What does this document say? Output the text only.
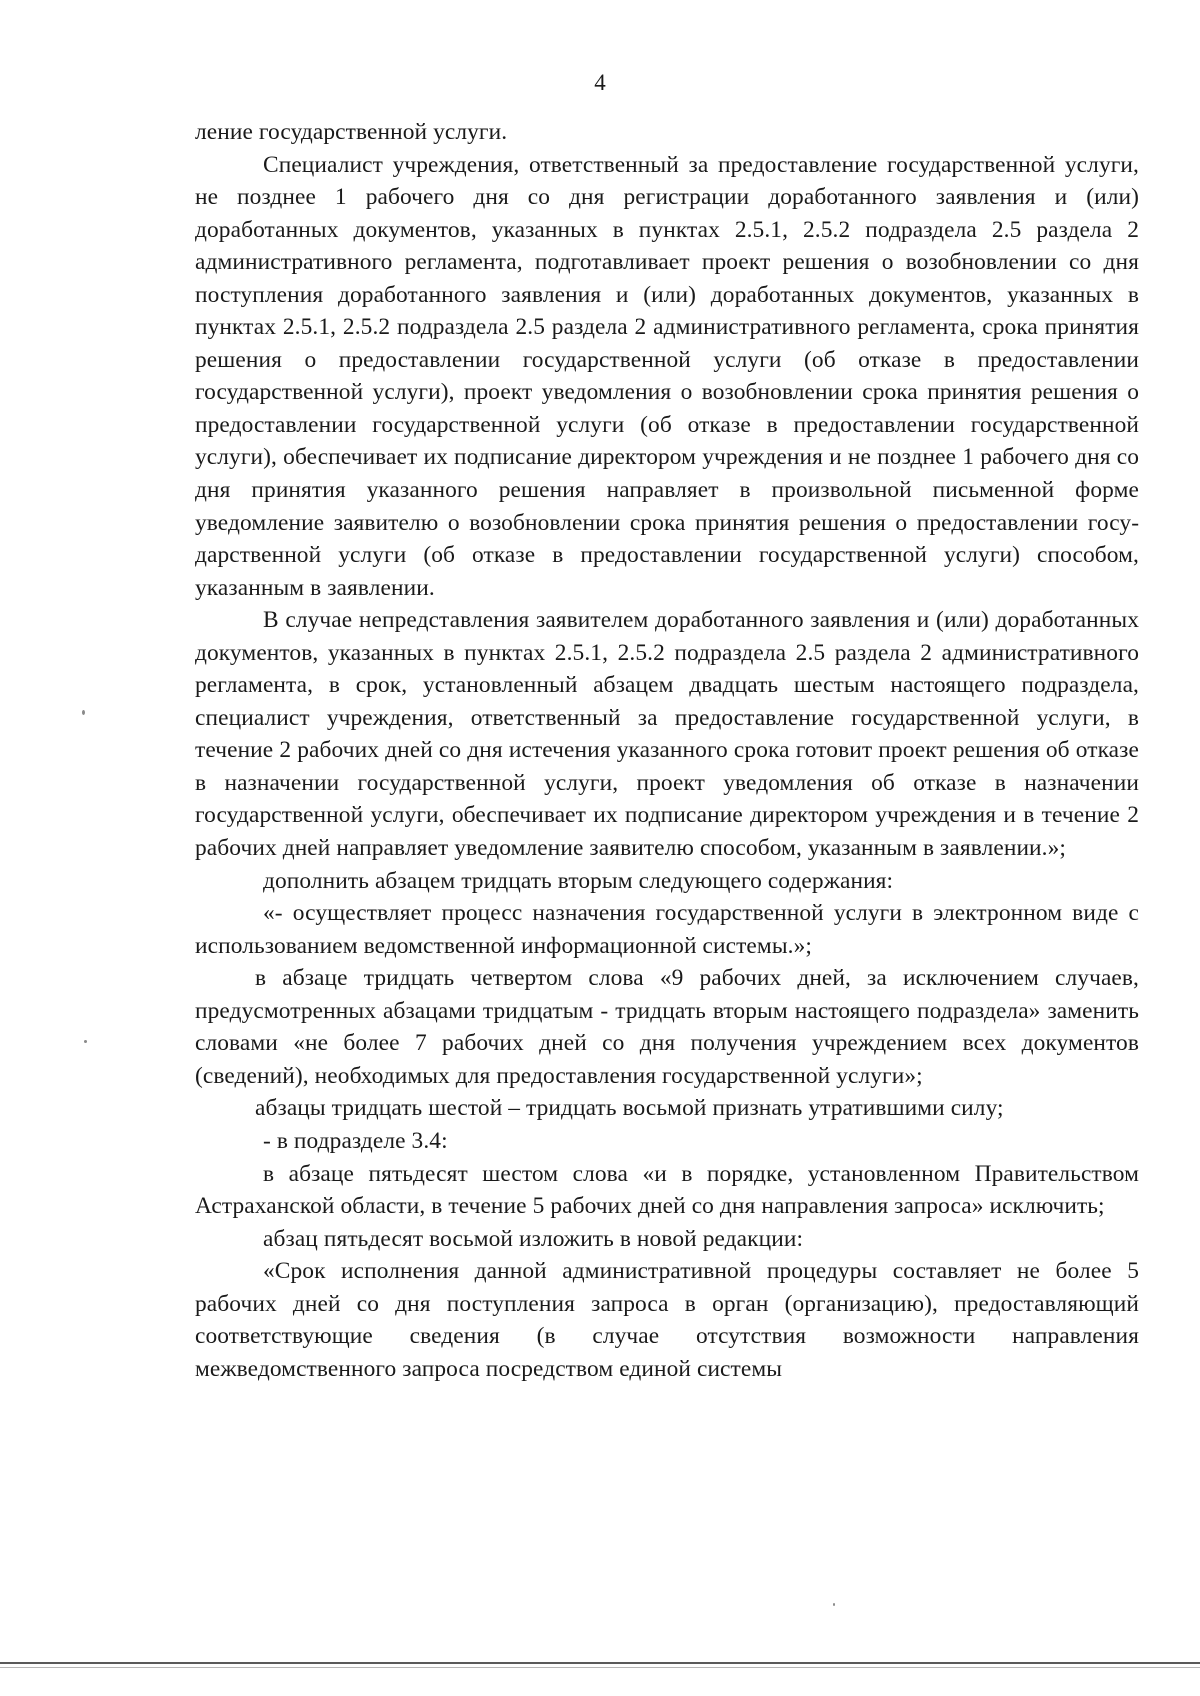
4

ление государственной услуги.

Специалист учреждения, ответственный за предоставление государственной услуги, не позднее 1 рабочего дня со дня регистрации доработанного заявления и (или) доработанных документов, указанных в пунктах 2.5.1, 2.5.2 подраздела 2.5 раздела 2 административного регламента, подготавливает проект решения о возобновлении со дня поступления доработанного заявления и (или) доработанных документов, указанных в пунктах 2.5.1, 2.5.2 подраздела 2.5 раздела 2 административного регламента, срока принятия решения о предоставлении государственной услуги (об отказе в предоставлении государственной услуги), проект уведомления о возобновлении срока принятия решения о предоставлении государственной услуги (об отказе в предоставлении государственной услуги), обеспечивает их подписание директором учреждения и не позднее 1 рабочего дня со дня принятия указанного решения направляет в произвольной письменной форме уведомление заявителю о возобновлении срока принятия решения о предоставлении государственной услуги (об отказе в предоставлении государственной услуги) способом, указанным в заявлении.

В случае непредставления заявителем доработанного заявления и (или) доработанных документов, указанных в пунктах 2.5.1, 2.5.2 подраздела 2.5 раздела 2 административного регламента, в срок, установленный абзацем двадцать шестым настоящего подраздела, специалист учреждения, ответственный за предоставление государственной услуги, в течение 2 рабочих дней со дня истечения указанного срока готовит проект решения об отказе в назначении государственной услуги, проект уведомления об отказе в назначении государственной услуги, обеспечивает их подписание директором учреждения и в течение 2 рабочих дней направляет уведомление заявителю способом, указанным в заявлении.»;

дополнить абзацем тридцать вторым следующего содержания:

«- осуществляет процесс назначения государственной услуги в электронном виде с использованием ведомственной информационной системы.»;

в абзаце тридцать четвертом слова «9 рабочих дней, за исключением случаев, предусмотренных абзацами тридцатым - тридцать вторым настоящего подраздела» заменить словами «не более 7 рабочих дней со дня получения учреждением всех документов (сведений), необходимых для предоставления государственной услуги»;

абзацы тридцать шестой – тридцать восьмой признать утратившими силу;

- в подразделе 3.4:

в абзаце пятьдесят шестом слова «и в порядке, установленном Правительством Астраханской области, в течение 5 рабочих дней со дня направления запроса» исключить;

абзац пятьдесят восьмой изложить в новой редакции:

«Срок исполнения данной административной процедуры составляет не более 5 рабочих дней со дня поступления запроса в орган (организацию), предоставляющий соответствующие сведения (в случае отсутствия возможности направления межведомственного запроса посредством единой системы
